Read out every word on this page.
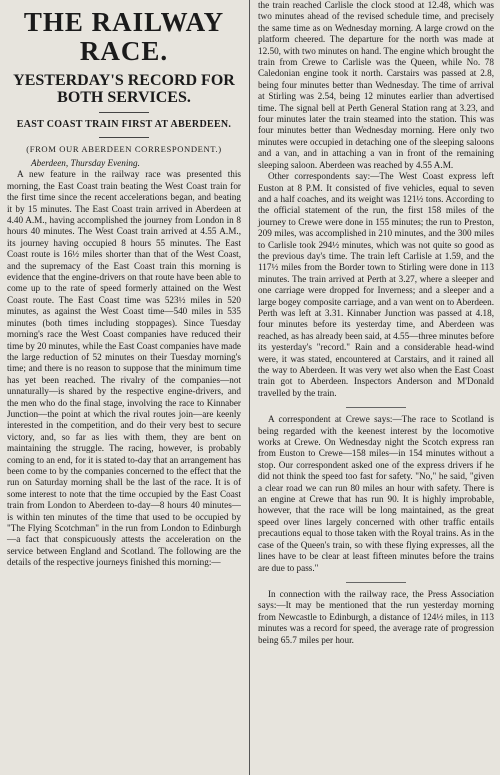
THE RAILWAY RACE.
YESTERDAY'S RECORD FOR BOTH SERVICES.
EAST COAST TRAIN FIRST AT ABERDEEN.
(FROM OUR ABERDEEN CORRESPONDENT.)

Aberdeen, Thursday Evening.

A new feature in the railway race was presented this morning, the East Coast train beating the West Coast train for the first time since the recent accelerations began, and beating it by 15 minutes. The East Coast train arrived in Aberdeen at 4.40 A.M., having accomplished the journey from London in 8 hours 40 minutes. The West Coast train arrived at 4.55 A.M., its journey having occupied 8 hours 55 minutes. The East Coast route is 16½ miles shorter than that of the West Coast, and the supremacy of the East Coast train this morning is evidence that the engine-drivers on that route have been able to come up to the rate of speed formerly attained on the West Coast route. The East Coast time was 523½ miles in 520 minutes, as against the West Coast time—540 miles in 535 minutes (both times including stoppages). Since Tuesday morning's race the West Coast companies have reduced their time by 20 minutes, while the East Coast companies have made the large reduction of 52 minutes on their Tuesday morning's time; and there is no reason to suppose that the minimum time has yet been reached. The rivalry of the companies—not unnaturally—is shared by the respective engine-drivers, and the men who do the final stage, involving the race to Kinnaber Junction—the point at which the rival routes join—are keenly interested in the competition, and do their very best to secure victory, and, so far as lies with them, they are bent on maintaining the struggle. The racing, however, is probably coming to an end, for it is stated to-day that an arrangement has been come to by the companies concerned to the effect that the run on Saturday morning shall be the last of the race. It is of some interest to note that the time occupied by the East Coast train from London to Aberdeen to-day—8 hours 40 minutes—is within ten minutes of the time that used to be occupied by "The Flying Scotchman" in the run from London to Edinburgh—a fact that conspicuously attests the acceleration on the service between England and Scotland. The following are the details of the respective journeys finished this morning:—

the train reached Carlisle the clock stood at 12.48, which was two minutes ahead of the revised schedule time, and precisely the same time as on Wednesday morning. A large crowd on the platform cheered. The departure for the north was made at 12.50, with two minutes on hand. The engine which brought the train from Crewe to Carlisle was the Queen, while No. 78 Caledonian engine took it north. Carstairs was passed at 2.8, being four minutes better than Wednesday. The time of arrival at Stirling was 2.54, being 12 minutes earlier than advertised time. The signal bell at Perth General Station rang at 3.23, and four minutes later the train steamed into the station. This was four minutes better than Wednesday morning. Here only two minutes were occupied in detaching one of the sleeping saloons and a van, and in attaching a van in front of the remaining sleeping saloon. Aberdeen was reached by 4.55 A.M.

Other correspondents say:—The West Coast express left Euston at 8 P.M. It consisted of five vehicles, equal to seven and a half coaches, and its weight was 121½ tons. According to the official statement of the run, the first 158 miles of the journey to Crewe were done in 155 minutes; the run to Preston, 209 miles, was accomplished in 210 minutes, and the 300 miles to Carlisle took 294½ minutes, which was not quite so good as the previous day's time. The train left Carlisle at 1.59, and the 117½ miles from the Border town to Stirling were done in 113 minutes. The train arrived at Perth at 3.27, where a sleeper and one carriage were dropped for Inverness; and a sleeper and a large bogey composite carriage, and a van went on to Aberdeen. Perth was left at 3.31. Kinnaber Junction was passed at 4.18, four minutes before its yesterday time, and Aberdeen was reached, as has already been said, at 4.55—three minutes before its yesterday's "record." Rain and a considerable head-wind were, it was stated, encountered at Carstairs, and it rained all the way to Aberdeen. It was very wet also when the East Coast train got to Aberdeen. Inspectors Anderson and M'Donald travelled by the train.

A correspondent at Crewe says:—The race to Scotland is being regarded with the keenest interest by the locomotive works at Crewe. On Wednesday night the Scotch express ran from Euston to Crewe—158 miles—in 154 minutes without a stop. Our correspondent asked one of the express drivers if he did not think the speed too fast for safety. "No," he said, "given a clear road we can run 80 miles an hour with safety. There is an engine at Crewe that has run 90. It is highly improbable, however, that the race will be long maintained, as the great speed over lines largely concerned with other traffic entails precautions equal to those taken with the Royal trains. As in the case of the Queen's train, so with these flying expresses, all the lines have to be clear at least fifteen minutes before the trains are due to pass."

In connection with the railway race, the Press Association says:—It may be mentioned that the run yesterday morning from Newcastle to Edinburgh, a distance of 124½ miles, in 113 minutes was a record for speed, the average rate of progression being 65.7 miles per hour.
